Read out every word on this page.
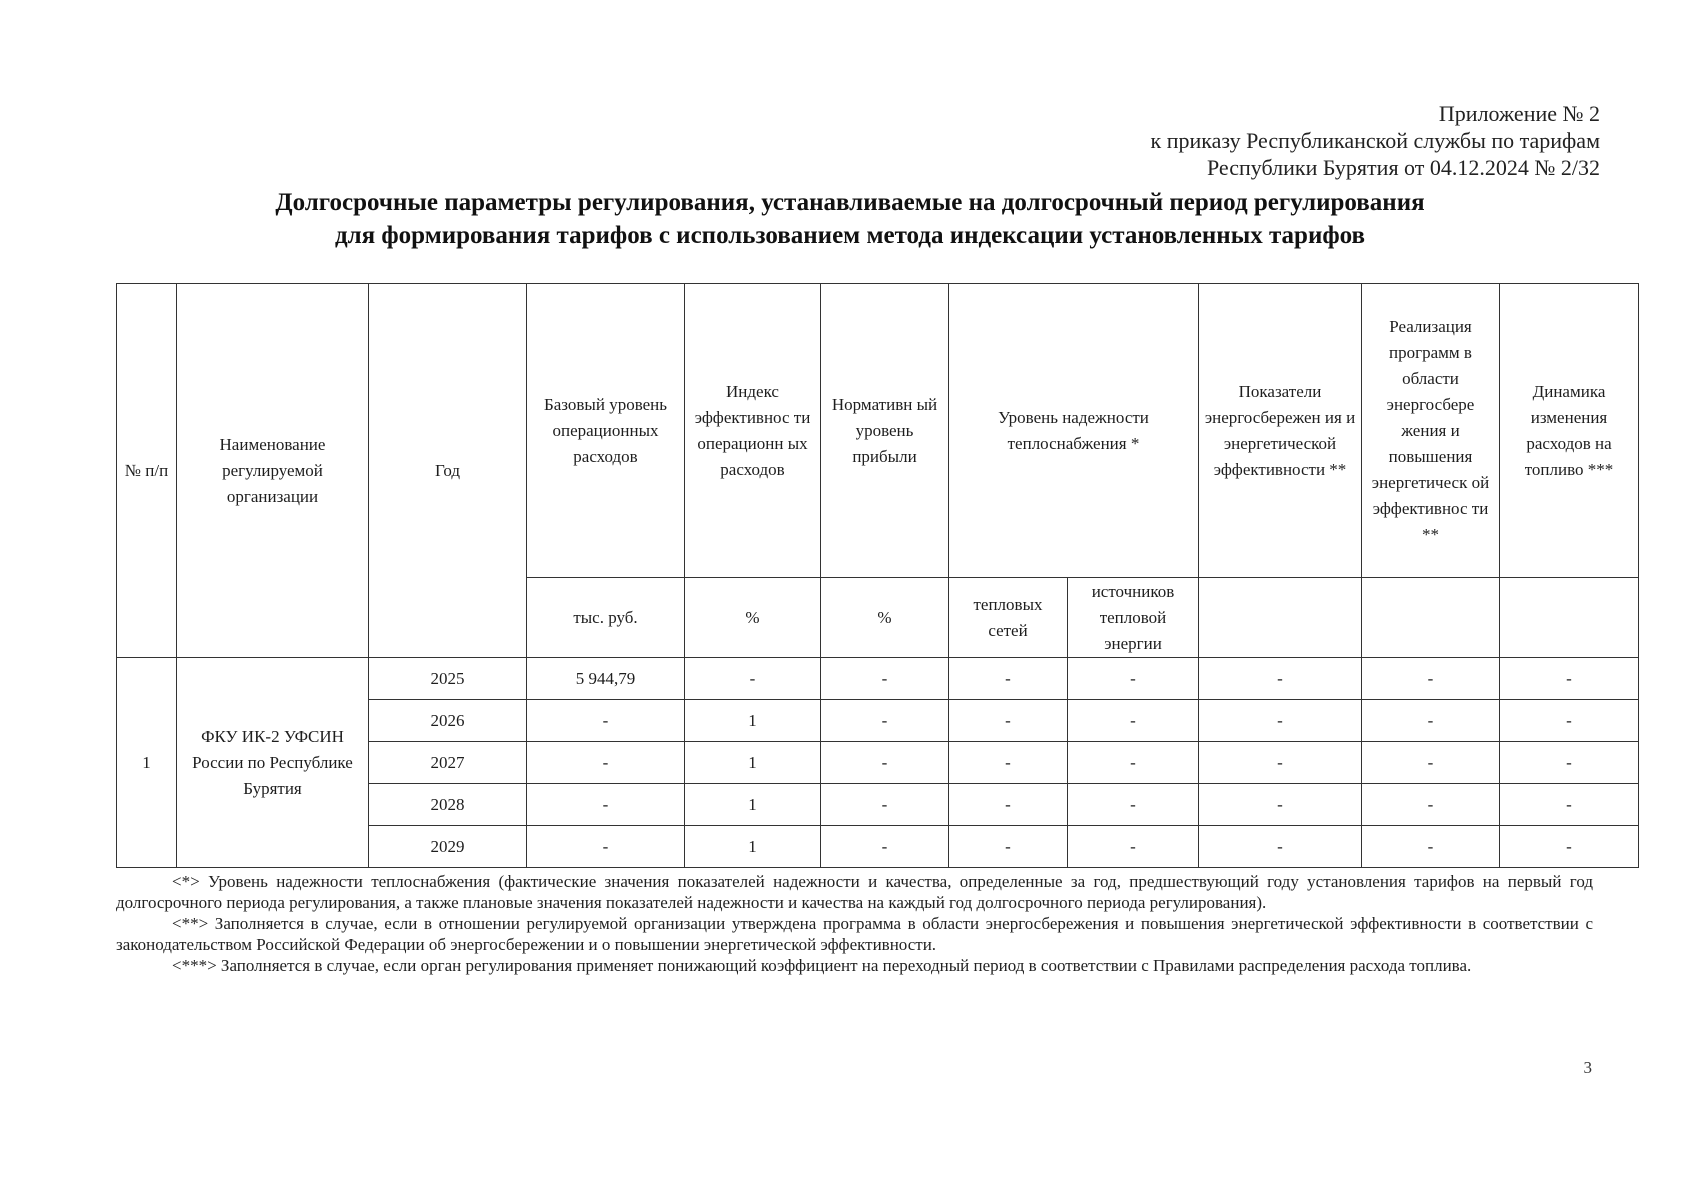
Приложение № 2
к приказу Республиканской службы по тарифам
Республики Бурятия от 04.12.2024 № 2/32
Долгосрочные параметры регулирования, устанавливаемые на долгосрочный период регулирования
для формирования тарифов с использованием метода индексации установленных тарифов
№ п/п	Наименование регулируемой организации	Год	Базовый уровень операционных расходов	Индекс эффективнос ти операционн ых расходов	Нормативн ый уровень прибыли	Уровень надежности теплоснабжения *		Показатели энергосбережен ия и энергетической эффективности **	Реализация программ в области энергосбере жения и повышения энергетическ ой эффективнос ти **	Динамика изменения расходов на топливо ***
			тыс. руб.	%	%	тепловых сетей	источников тепловой энергии			
1	ФКУ ИК-2 УФСИН России по Республике Бурятия	2025	5 944,79	-	-	-	-	-	-	-
		2026	-	1	-	-	-	-	-	-
		2027	-	1	-	-	-	-	-	-
		2028	-	1	-	-	-	-	-	-
		2029	-	1	-	-	-	-	-	-

<*> Уровень надежности теплоснабжения (фактические значения показателей надежности и качества, определенные за год, предшествующий году установления тарифов на первый год долгосрочного периода регулирования, а также плановые значения показателей надежности и качества на каждый год долгосрочного периода регулирования).

<**> Заполняется в случае, если в отношении регулируемой организации утверждена программа в области энергосбережения и повышения энергетической эффективности в соответствии с законодательством Российской Федерации об энергосбережении и о повышении энергетической эффективности.

<***> Заполняется в случае, если орган регулирования применяет понижающий коэффициент на переходный период в соответствии с Правилами распределения расхода топлива.

3
